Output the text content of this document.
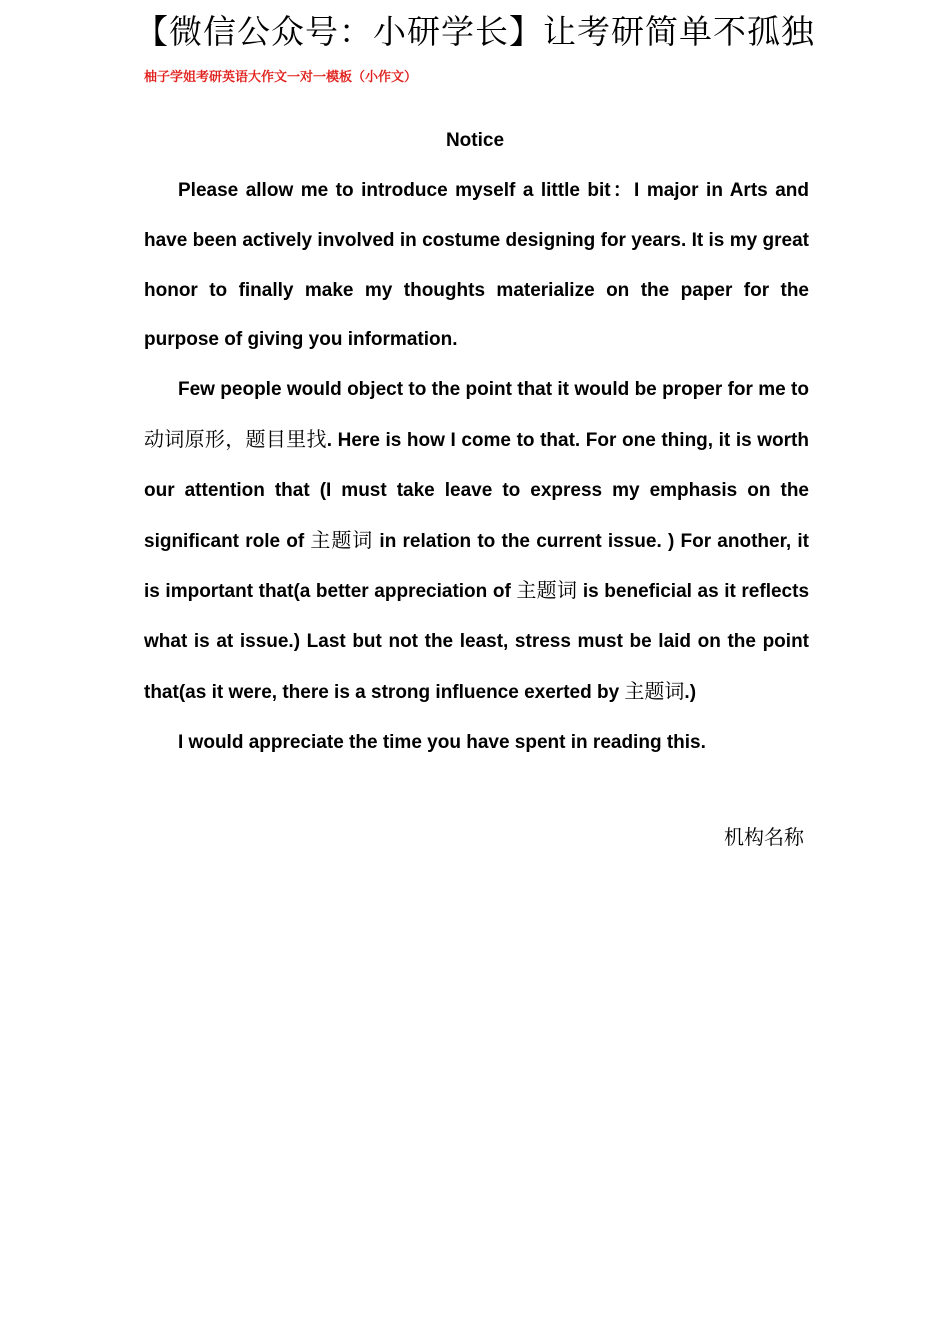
【微信公众号：小研学长】让考研简单不孤独
柚子学姐考研英语大作文一对一模板（小作文）
Notice

Please allow me to introduce myself a little bit：I major in Arts and have been actively involved in costume designing for years. It is my great honor to finally make my thoughts materialize on the paper for the purpose of giving you information.

Few people would object to the point that it would be proper for me to 动词原形，题目里找. Here is how I come to that. For one thing, it is worth our attention that (I must take leave to express my emphasis on the significant role of 主题词 in relation to the current issue. ) For another, it is important that(a better appreciation of 主题词 is beneficial as it reflects what is at issue.) Last but not the least, stress must be laid on the point that(as it were, there is a strong influence exerted by 主题词.)

I would appreciate the time you have spent in reading this.

机构名称
